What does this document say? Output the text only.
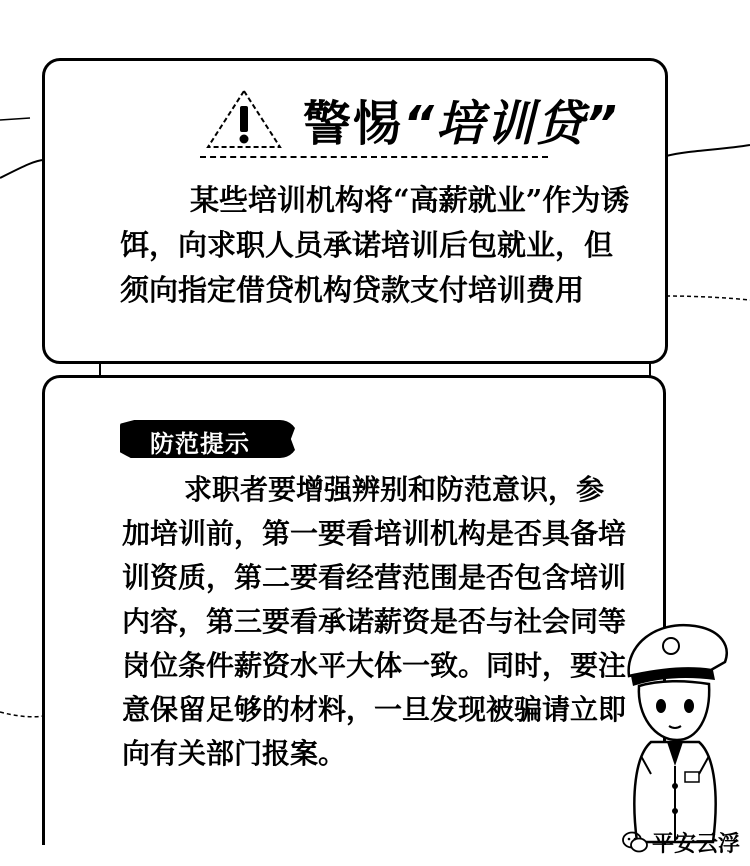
警惕“培训贷”
某些培训机构将“高薪就业”作为诱饵，向求职人员承诺培训后包就业，但须向指定借贷机构贷款支付培训费用
防范提示
求职者要增强辨别和防范意识，参加培训前，第一要看培训机构是否具备培训资质，第二要看经营范围是否包含培训内容，第三要看承诺薪资是否与社会同等岗位条件薪资水平大体一致。同时，要注意保留足够的材料，一旦发现被骗请立即向有关部门报案。
平安云浮
